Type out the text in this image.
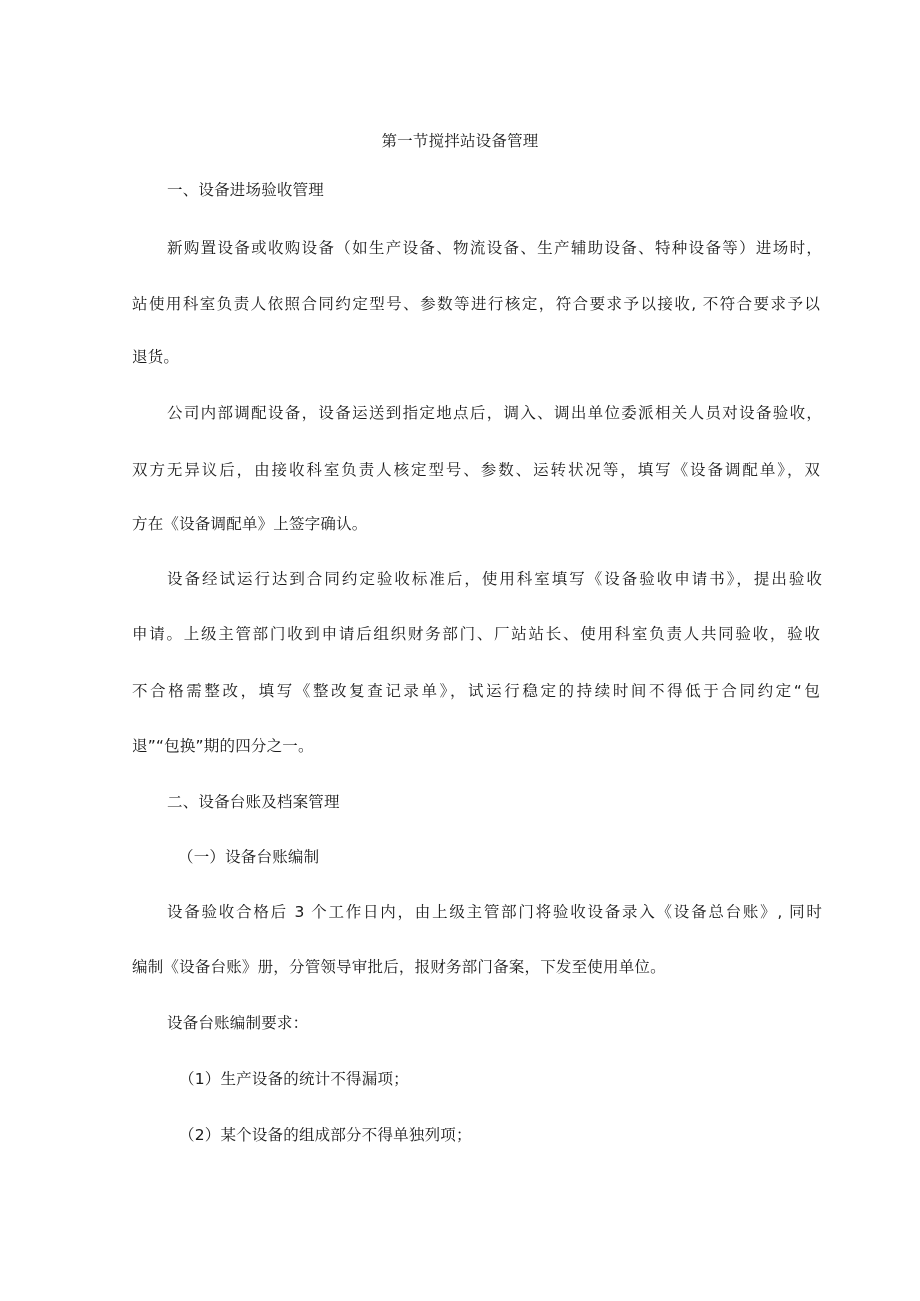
第一节搅拌站设备管理
一、设备进场验收管理
新购置设备或收购设备（如生产设备、物流设备、生产辅助设备、特种设备等）进场时，
站使用科室负责人依照合同约定型号、参数等进行核定，符合要求予以接收, 不符合要求予以
退货。
公司内部调配设备，设备运送到指定地点后，调入、调出单位委派相关人员对设备验收，
双方无异议后，由接收科室负责人核定型号、参数、运转状况等，填写《设备调配单》，双
方在《设备调配单》上签字确认。
设备经试运行达到合同约定验收标准后，使用科室填写《设备验收申请书》，提出验收
申请。上级主管部门收到申请后组织财务部门、厂站站长、使用科室负责人共同验收，验收
不合格需整改，填写《整改复查记录单》，试运行稳定的持续时间不得低于合同约定“包
退”“包换”期的四分之一。
二、设备台账及档案管理
（一）设备台账编制
设备验收合格后 3 个工作日内，由上级主管部门将验收设备录入《设备总台账》, 同时
编制《设备台账》册，分管领导审批后，报财务部门备案，下发至使用单位。
设备台账编制要求：
（1）生产设备的统计不得漏项；
（2）某个设备的组成部分不得单独列项；
